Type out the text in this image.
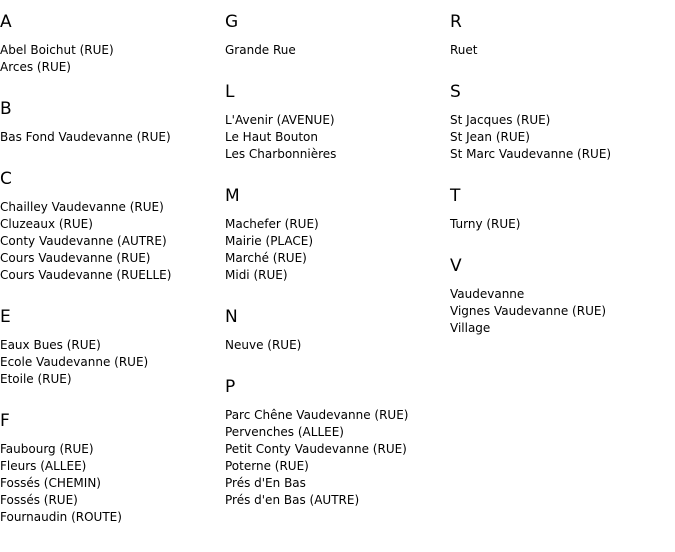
A
Abel Boichut (RUE)
Arces (RUE)
B
Bas Fond Vaudevanne (RUE)
C
Chailley Vaudevanne (RUE)
Cluzeaux (RUE)
Conty Vaudevanne (AUTRE)
Cours Vaudevanne (RUE)
Cours Vaudevanne (RUELLE)
E
Eaux Bues (RUE)
Ecole Vaudevanne (RUE)
Etoile (RUE)
F
Faubourg (RUE)
Fleurs (ALLEE)
Fossés (CHEMIN)
Fossés (RUE)
Fournaudin (ROUTE)
G
Grande Rue
L
L'Avenir (AVENUE)
Le Haut Bouton
Les Charbonnières
M
Machefer (RUE)
Mairie (PLACE)
Marché (RUE)
Midi (RUE)
N
Neuve (RUE)
P
Parc Chêne Vaudevanne (RUE)
Pervenches (ALLEE)
Petit Conty Vaudevanne (RUE)
Poterne (RUE)
Prés d'En Bas
Prés d'en Bas (AUTRE)
R
Ruet
S
St Jacques (RUE)
St Jean (RUE)
St Marc Vaudevanne (RUE)
T
Turny (RUE)
V
Vaudevanne
Vignes Vaudevanne (RUE)
Village
